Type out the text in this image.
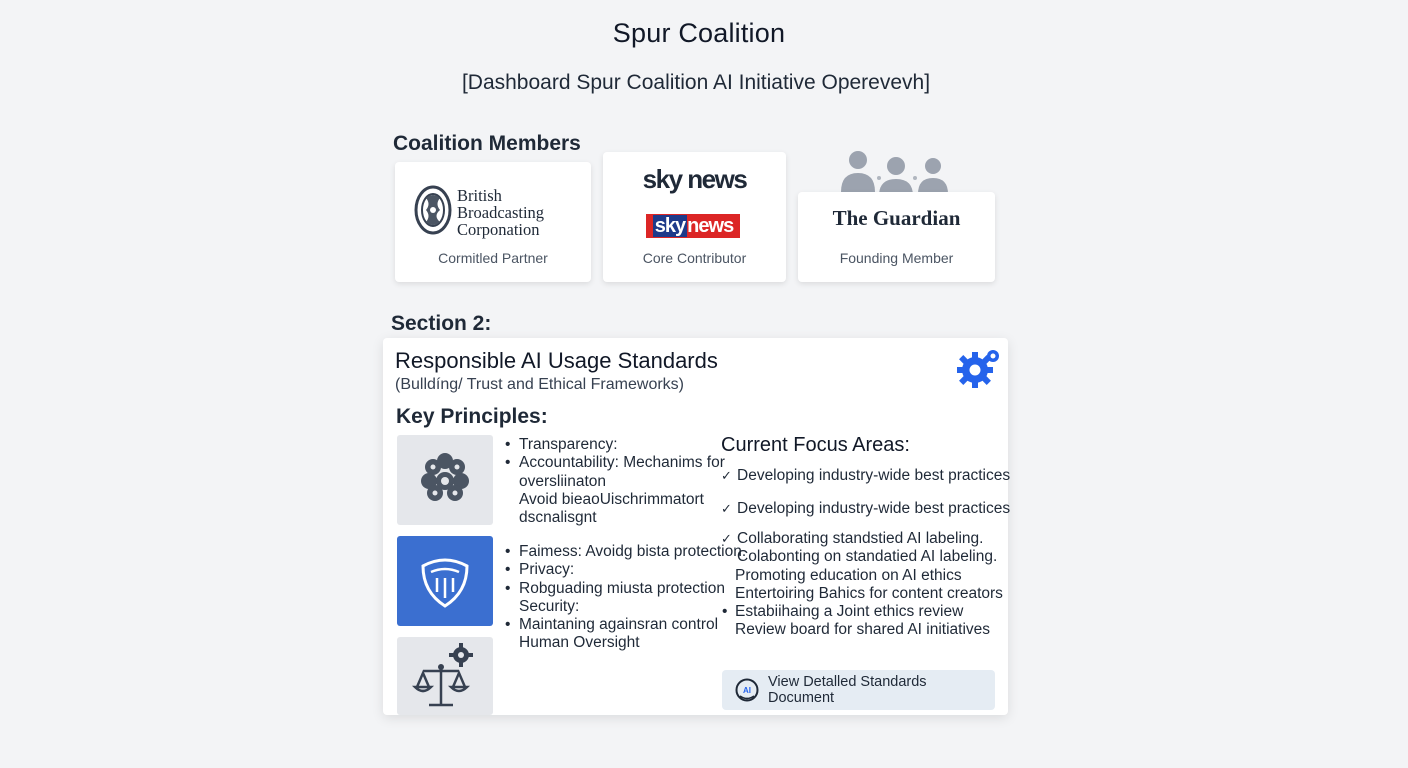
Spur Coalition
[Dashboard Spur Coalition AI Initiative Operevevh]
Coalition Members
British
Broadcasting
Corponation
Cormitled Partner
sky news
sky news
Core Contributor
The Guardian
Founding Member
Section 2:
Responsible AI Usage Standards
(Bulldíng/ Trust and Ethical Frameworks)
Key Principles:
• Transparency:
• Accountability: Mechanims for
oversliinaton
Avoid bieaoUischrimmatort
dscnalisgnt
• Faimess: Avoidg bista protection.
• Privacy:
• Robguading miusta protection
Security:
• Maintaning againsran control
Human Oversight
Current Focus Areas:
✓ Developing industry-wide best practices
✓ Developing industry-wide best practices
✓ Collaborating standstied AI labeling.
Colabonting on standatied AI labeling.
Promoting education on AI ethics
Entertoiring Bahics for content creators
• Estabiihaing a Joint ethics review
Review board for shared AI initiatives
AI
View Detalled Standards Document
